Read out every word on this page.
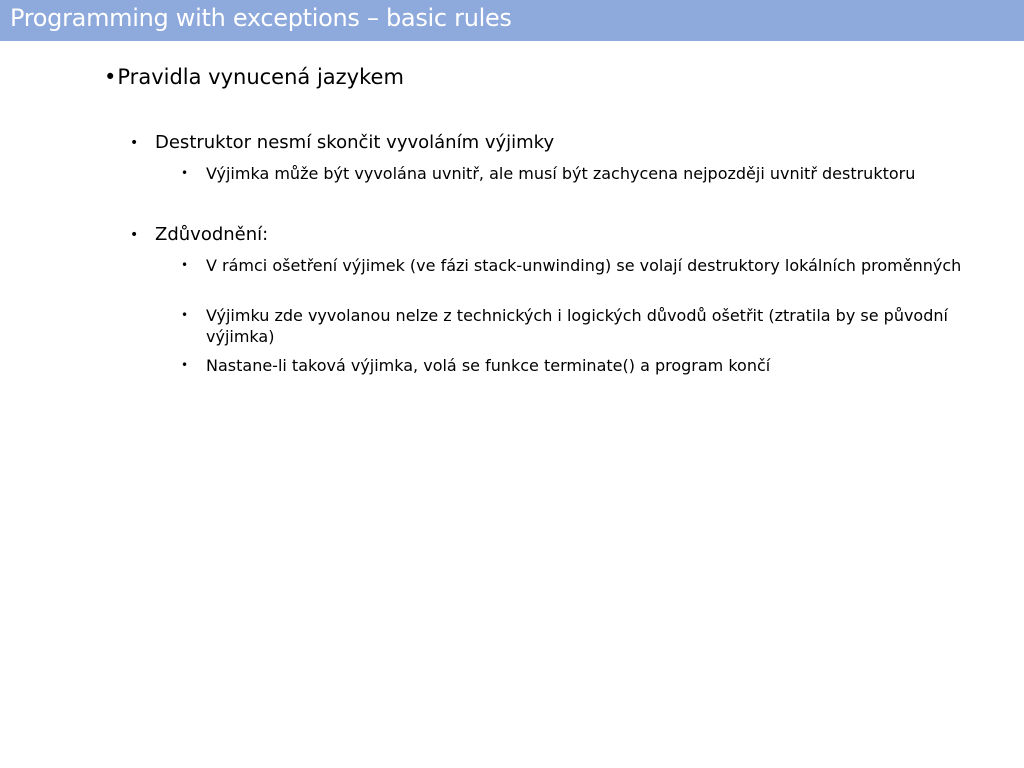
Programming with exceptions – basic rules
•Pravidla vynucená jazykem
• Destruktor nesmí skončit vyvoláním výjimky
• Výjimka může být vyvolána uvnitř, ale musí být zachycena nejpozději uvnitř destruktoru
• Zdůvodnění:
• V rámci ošetření výjimek (ve fázi stack-unwinding) se volají destruktory lokálních proměnných
• Výjimku zde vyvolanou nelze z technických i logických důvodů ošetřit (ztratila by se původní výjimka)
• Nastane-li taková výjimka, volá se funkce terminate() a program končí
